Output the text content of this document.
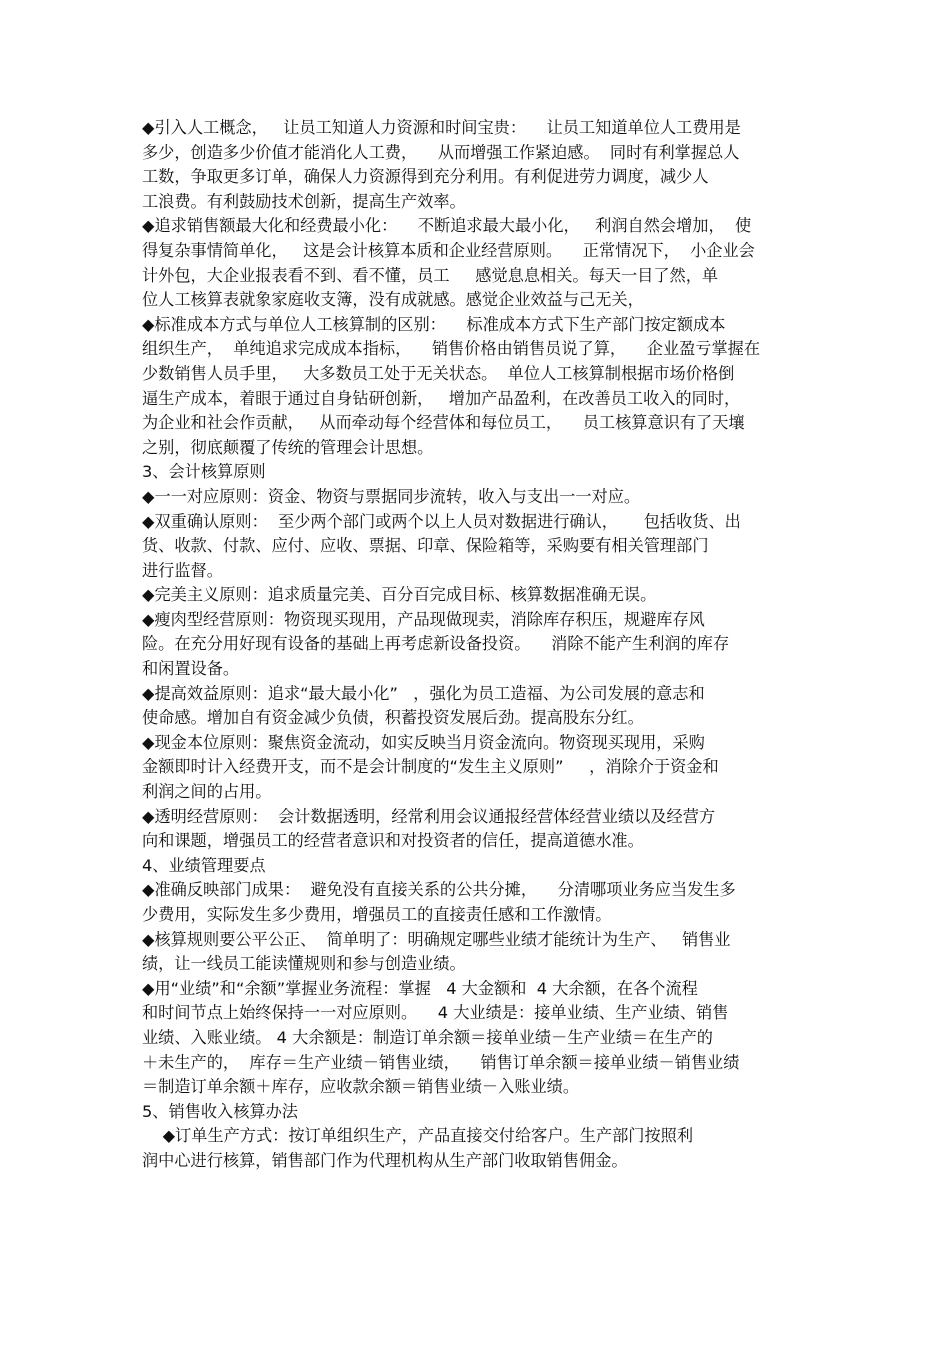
◆引入人工概念，   让员工知道人力资源和时间宝贵：    让员工知道单位人工费用是
多少，创造多少价值才能消化人工费，    从而增强工作紧迫感。  同时有利掌握总人
工数，争取更多订单，确保人力资源得到充分利用。有利促进劳力调度，减少人
工浪费。有利鼓励技术创新，提高生产效率。
◆追求销售额最大化和经费最小化：    不断追求最大最小化，   利润自然会增加，  使
得复杂事情简单化，   这是会计核算本质和企业经营原则。    正常情况下，  小企业会
计外包，大企业报表看不到、看不懂，员工     感觉息息相关。每天一目了然，单
位人工核算表就象家庭收支簿，没有成就感。感觉企业效益与己无关，
◆标准成本方式与单位人工核算制的区别：    标准成本方式下生产部门按定额成本
组织生产，  单纯追求完成成本指标，    销售价格由销售员说了算，    企业盈亏掌握在
少数销售人员手里，   大多数员工处于无关状态。  单位人工核算制根据市场价格倒
逼生产成本，着眼于通过自身钻研创新，   增加产品盈利，在改善员工收入的同时，
为企业和社会作贡献，   从而牵动每个经营体和每位员工，    员工核算意识有了天壤
之别，彻底颠覆了传统的管理会计思想。
3、会计核算原则
◆一一对应原则：资金、物资与票据同步流转，收入与支出一一对应。
◆双重确认原则：  至少两个部门或两个以上人员对数据进行确认，     包括收货、出
货、收款、付款、应付、应收、票据、印章、保险箱等，采购要有相关管理部门
进行监督。
◆完美主义原则：追求质量完美、百分百完成目标、核算数据准确无误。
◆瘦肉型经营原则：物资现买现用，产品现做现卖，消除库存积压，规避库存风
险。在充分用好现有设备的基础上再考虑新设备投资。    消除不能产生利润的库存
和闲置设备。
◆提高效益原则：追求“最大最小化”   ，强化为员工造福、为公司发展的意志和
使命感。增加自有资金减少负债，积蓄投资发展后劲。提高股东分红。
◆现金本位原则：聚焦资金流动，如实反映当月资金流向。物资现买现用，采购
金额即时计入经费开支，而不是会计制度的“发生主义原则”     ，消除介于资金和
利润之间的占用。
◆透明经营原则：  会计数据透明，经常利用会议通报经营体经营业绩以及经营方
向和课题，增强员工的经营者意识和对投资者的信任，提高道德水准。
4、业绩管理要点
◆准确反映部门成果：  避免没有直接关系的公共分摊，    分清哪项业务应当发生多
少费用，实际发生多少费用，增强员工的直接责任感和工作激情。
◆核算规则要公平公正、  简单明了：明确规定哪些业绩才能统计为生产、   销售业
绩，让一线员工能读懂规则和参与创造业绩。
◆用“业绩”和“余额”掌握业务流程：掌握   4 大金额和  4 大余额，在各个流程
和时间节点上始终保持一一对应原则。    4 大业绩是：接单业绩、生产业绩、销售
业绩、入账业绩。 4 大余额是：制造订单余额＝接单业绩－生产业绩＝在生产的
＋未生产的，  库存＝生产业绩－销售业绩，    销售订单余额＝接单业绩－销售业绩
＝制造订单余额＋库存，应收款余额＝销售业绩－入账业绩。
5、销售收入核算办法
◆订单生产方式：按订单组织生产，产品直接交付给客户。生产部门按照利
润中心进行核算，销售部门作为代理机构从生产部门收取销售佣金。
